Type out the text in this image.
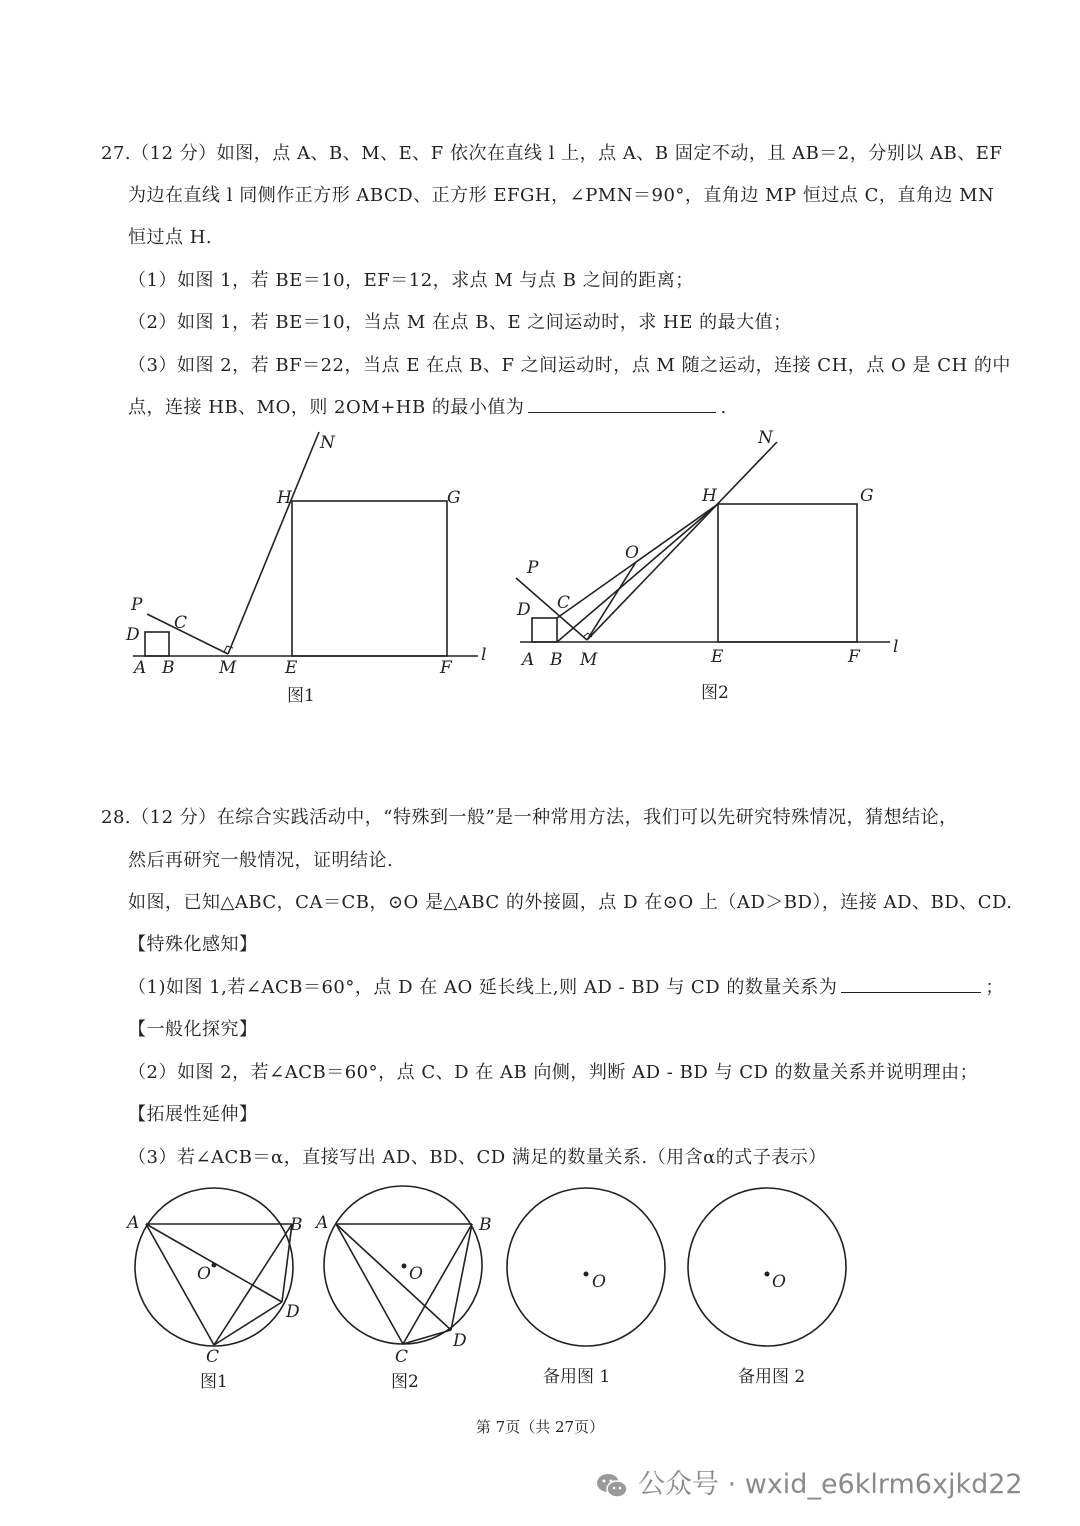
27.（12 分）如图，点 A、B、M、E、F 依次在直线 l 上，点 A、B 固定不动，且 AB＝2，分别以 AB、EF
为边在直线 l 同侧作正方形 ABCD、正方形 EFGH，∠PMN＝90°，直角边 MP 恒过点 C，直角边 MN
恒过点 H.
（1）如图 1，若 BE＝10，EF＝12，求点 M 与点 B 之间的距离；
（2）如图 1，若 BE＝10，当点 M 在点 B、E 之间运动时，求 HE 的最大值；
（3）如图 2，若 BF＝22，当点 E 在点 B、F 之间运动时，点 M 随之运动，连接 CH，点 O 是 CH 的中
点，连接 HB、MO，则 2OM+HB 的最小值为	.
28.（12 分）在综合实践活动中，“特殊到一般”是一种常用方法，我们可以先研究特殊情况，猜想结论，
然后再研究一般情况，证明结论.
如图，已知△ABC，CA＝CB，⊙O 是△ABC 的外接圆，点 D 在⊙O 上（AD＞BD），连接 AD、BD、CD.
【特殊化感知】
（1)如图 1,若∠ACB＝60°，点 D 在 AO 延长线上,则 AD - BD 与 CD 的数量关系为	；
【一般化探究】
（2）如图 2，若∠ACB＝60°，点 C、D 在 AB 向侧，判断 AD - BD 与 CD 的数量关系并说明理由；
【拓展性延伸】
（3）若∠ACB＝α，直接写出 AD、BD、CD 满足的数量关系.（用含α的式子表示）
N
H	G
P
C
D
A B	M	E	F
l
图1
N
H	G
O
P
C
D
A B M	E	F l
图2
A	B
O
D
C
图1
A	B
O
D
C
图2
O
备用图 1
O
备用图 2
第 7页（共 27页）
公众号 · wxid_e6klrm6xjkd22
